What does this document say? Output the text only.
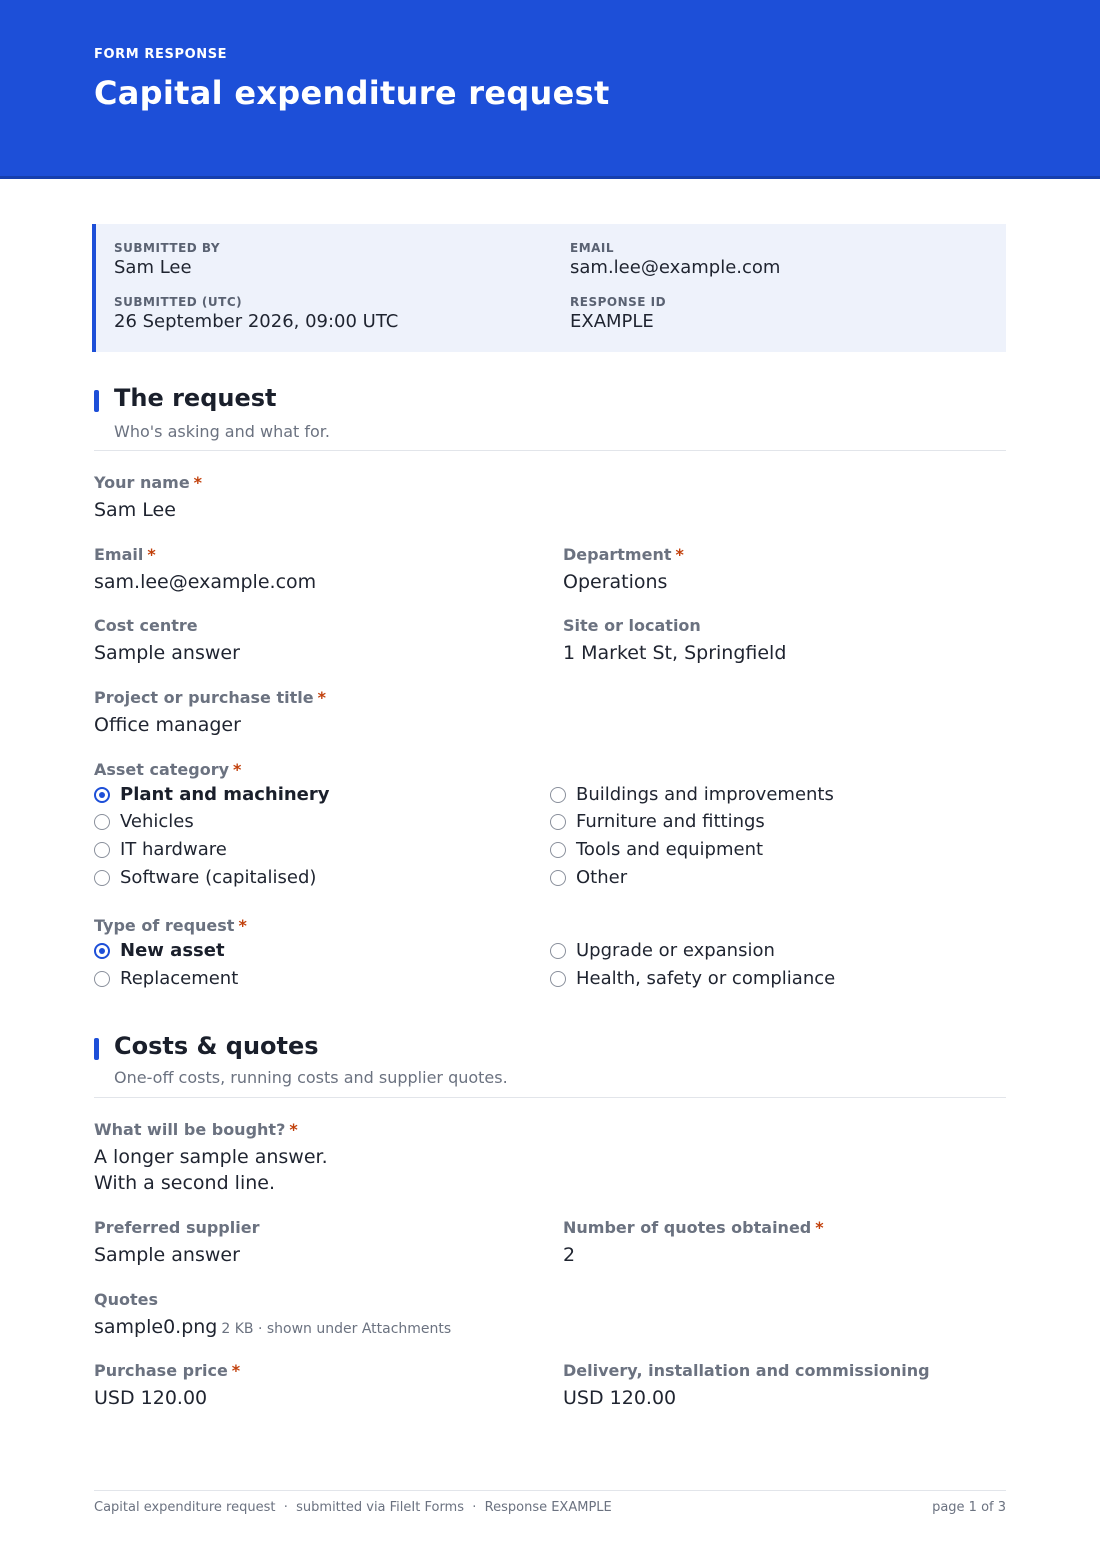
FORM RESPONSE
Capital expenditure request
SUBMITTED BY
Sam Lee
EMAIL
sam.lee@example.com
SUBMITTED (UTC)
26 September 2026, 09:00 UTC
RESPONSE ID
EXAMPLE
The request
Who's asking and what for.
Your name *
Sam Lee
Email *
sam.lee@example.com
Department *
Operations
Cost centre
Sample answer
Site or location
1 Market St, Springfield
Project or purchase title *
Office manager
Asset category *
Plant and machinery
Vehicles
IT hardware
Software (capitalised)
Buildings and improvements
Furniture and fittings
Tools and equipment
Other
Type of request *
New asset
Replacement
Upgrade or expansion
Health, safety or compliance
Costs & quotes
One-off costs, running costs and supplier quotes.
What will be bought? *
A longer sample answer.
With a second line.
Preferred supplier
Sample answer
Number of quotes obtained *
2
Quotes
sample0.png 2 KB · shown under Attachments
Purchase price *
USD 120.00
Delivery, installation and commissioning
USD 120.00
Capital expenditure request  ·  submitted via FileIt Forms  ·  Response EXAMPLE	page 1 of 3
